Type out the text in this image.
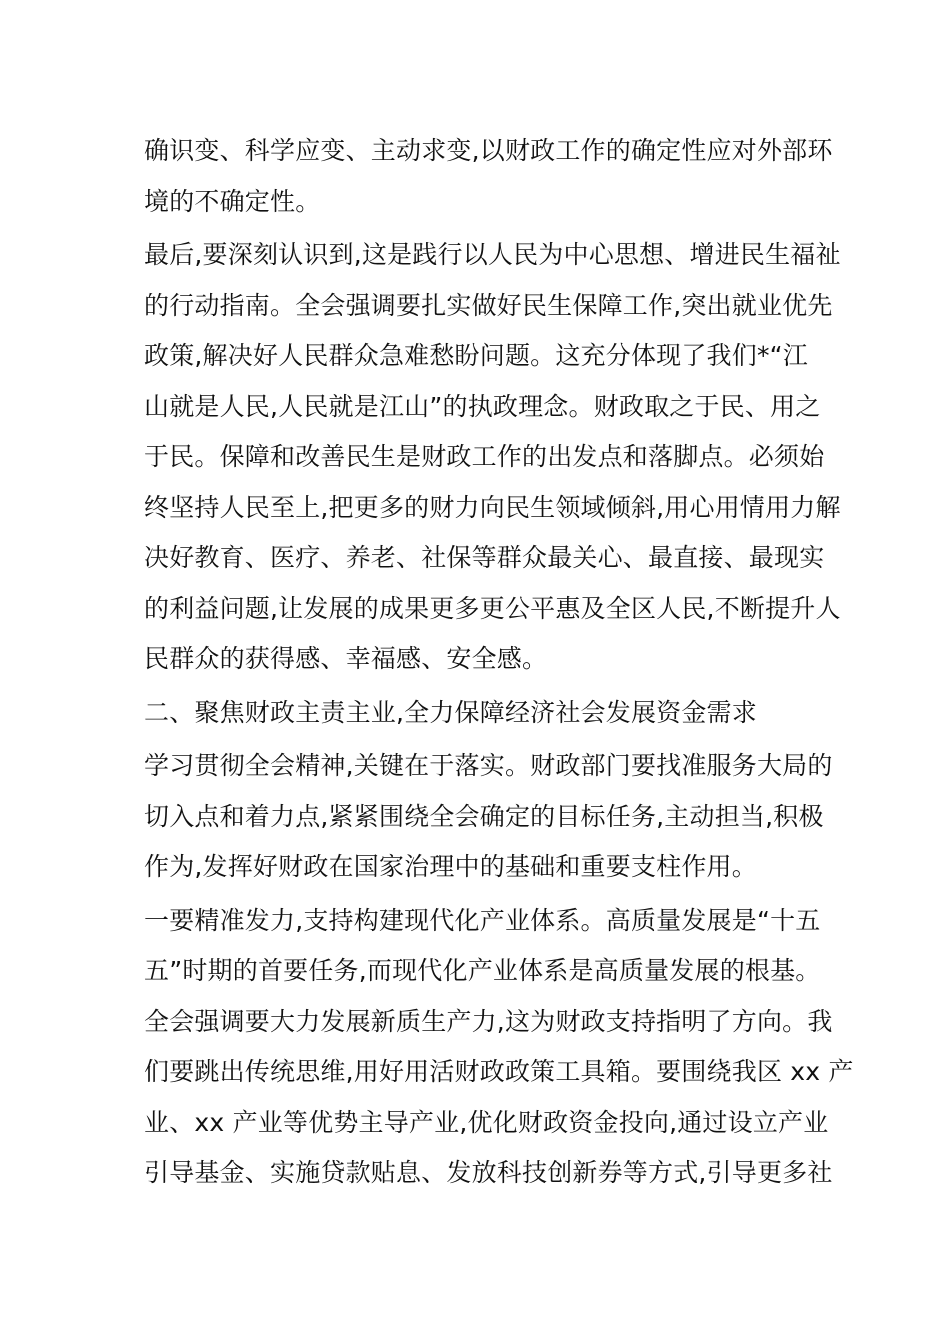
确识变、科学应变、主动求变,以财政工作的确定性应对外部环
境的不确定性。
最后,要深刻认识到,这是践行以人民为中心思想、增进民生福祉
的行动指南。全会强调要扎实做好民生保障工作,突出就业优先
政策,解决好人民群众急难愁盼问题。这充分体现了我们*“江
山就是人民,人民就是江山”的执政理念。财政取之于民、用之
于民。保障和改善民生是财政工作的出发点和落脚点。必须始
终坚持人民至上,把更多的财力向民生领域倾斜,用心用情用力解
决好教育、医疗、养老、社保等群众最关心、最直接、最现实
的利益问题,让发展的成果更多更公平惠及全区人民,不断提升人
民群众的获得感、幸福感、安全感。
二、聚焦财政主责主业,全力保障经济社会发展资金需求
学习贯彻全会精神,关键在于落实。财政部门要找准服务大局的
切入点和着力点,紧紧围绕全会确定的目标任务,主动担当,积极
作为,发挥好财政在国家治理中的基础和重要支柱作用。
一要精准发力,支持构建现代化产业体系。高质量发展是“十五
五”时期的首要任务,而现代化产业体系是高质量发展的根基。
全会强调要大力发展新质生产力,这为财政支持指明了方向。我
们要跳出传统思维,用好用活财政政策工具箱。要围绕我区 xx 产
业、xx 产业等优势主导产业,优化财政资金投向,通过设立产业
引导基金、实施贷款贴息、发放科技创新券等方式,引导更多社
